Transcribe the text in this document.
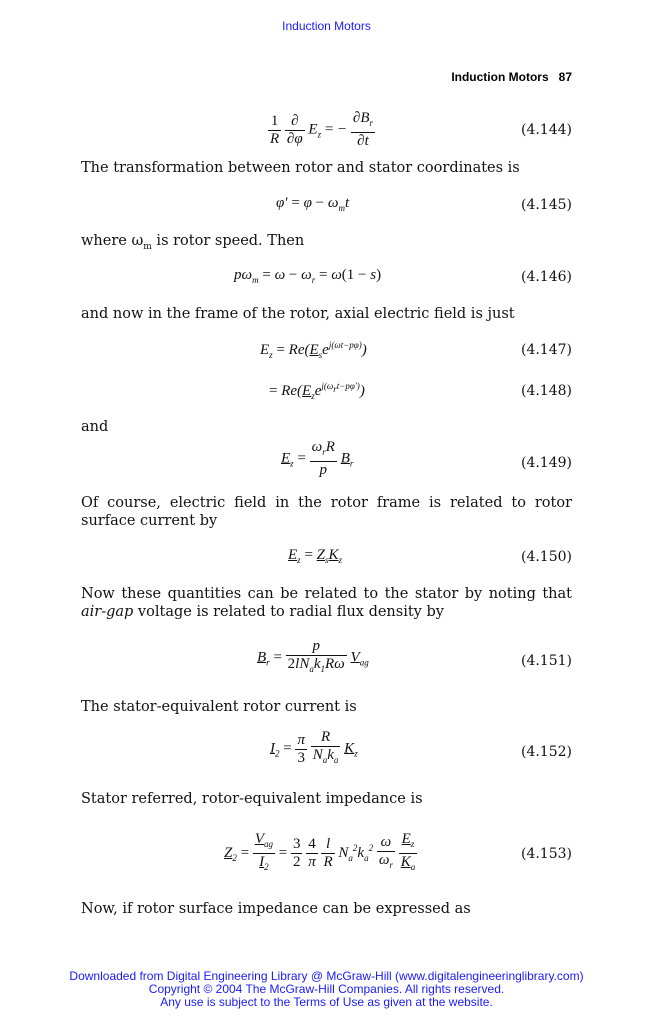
Induction Motors
Induction Motors 87
$\frac{1}{R}$
$\frac{\partial}{\partial\varphi} E_z$ = − $\frac{\partial B_r}{\partial t}$	(4.144)
The transformation between rotor and stator coordinates is
$\varphi' = \varphi - \omega_mt$	(4.145)
where $\omega_m$ is rotor speed. Then
$p\omega_m = \omega - \omega_r = \omega(1 - s)$	(4.146)
and now in the frame of the rotor, axial electric field is just
$E_z = Re(E_se^{j(\omega t-p\varphi)})$	(4.147)
= $Re(E_ze^{j(\omega_rt-p\varphi')})$	(4.148)
and
$E_z = \frac{\omega_rR}{p} B_r$	(4.149)
Of course, electric field in the rotor frame is related to rotor surface current by
$E_z = Z_sK_z$	(4.150)
Now these quantities can be related to the stator by noting that air-gap voltage is related to radial flux density by
$B_r = \frac{p}{2lN_ak_1R\omega} V_{ag}$	(4.151)
The stator-equivalent rotor current is
$I_2 = \frac{\pi}{3}$
$\frac{R}{N_ak_a} K_z$	(4.152)
Stator referred, rotor-equivalent impedance is
$Z_2 = \frac{V_{ag}}{I_2} = \frac{3}{2}$
$\frac{4}{\pi}$
$\frac{l}{R} N_a^2k_a^2 \frac{\omega}{\omega_r}$
$\frac{E_z}{K_a}$	(4.153)
Now, if rotor surface impedance can be expressed as
Downloaded from Digital Engineering Library @ McGraw-Hill (www.digitalengineeringlibrary.com)
Copyright © 2004 The McGraw-Hill Companies. All rights reserved.
Any use is subject to the Terms of Use as given at the website.
